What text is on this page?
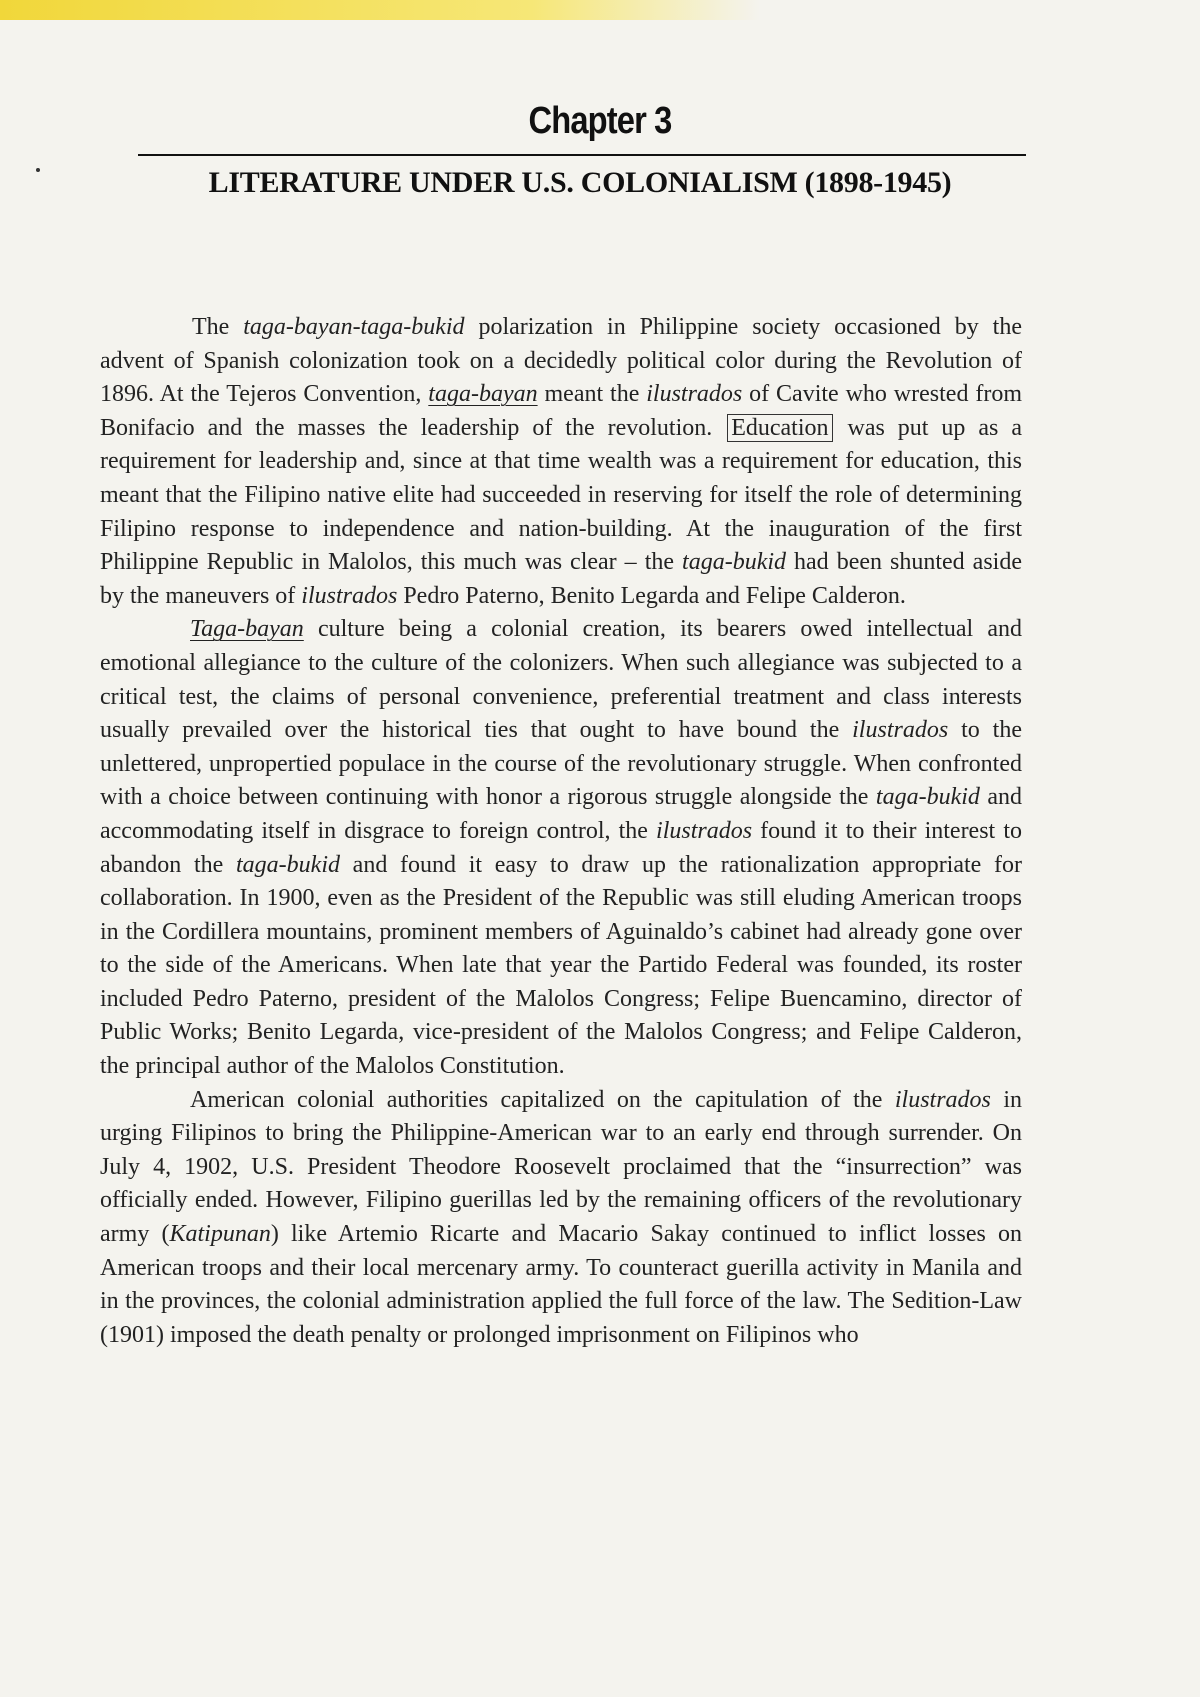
Chapter 3
LITERATURE UNDER U.S. COLONIALISM (1898-1945)

The taga-bayan-taga-bukid polarization in Philippine society occasioned by the advent of Spanish colonization took on a decidedly political color during the Revolution of 1896. At the Tejeros Convention, taga-bayan meant the ilustrados of Cavite who wrested from Bonifacio and the masses the leadership of the revolution. Education was put up as a requirement for leadership and, since at that time wealth was a requirement for education, this meant that the Filipino native elite had succeeded in reserving for itself the role of determining Filipino response to independence and nation-building. At the inauguration of the first Philippine Republic in Malolos, this much was clear – the taga-bukid had been shunted aside by the maneuvers of ilustrados Pedro Paterno, Benito Legarda and Felipe Calderon.

Taga-bayan culture being a colonial creation, its bearers owed intellectual and emotional allegiance to the culture of the colonizers. When such allegiance was subjected to a critical test, the claims of personal convenience, preferential treatment and class interests usually prevailed over the historical ties that ought to have bound the ilustrados to the unlettered, unpropertied populace in the course of the revolutionary struggle. When confronted with a choice between continuing with honor a rigorous struggle alongside the taga-bukid and accommodating itself in disgrace to foreign control, the ilustrados found it to their interest to abandon the taga-bukid and found it easy to draw up the rationalization appropriate for collaboration. In 1900, even as the President of the Republic was still eluding American troops in the Cordillera mountains, prominent members of Aguinaldo’s cabinet had already gone over to the side of the Americans. When late that year the Partido Federal was founded, its roster included Pedro Paterno, president of the Malolos Congress; Felipe Buencamino, director of Public Works; Benito Legarda, vice-president of the Malolos Congress; and Felipe Calderon, the principal author of the Malolos Constitution.

American colonial authorities capitalized on the capitulation of the ilustrados in urging Filipinos to bring the Philippine-American war to an early end through surrender. On July 4, 1902, U.S. President Theodore Roosevelt proclaimed that the “insurrection” was officially ended. However, Filipino guerillas led by the remaining officers of the revolutionary army (Katipunan) like Artemio Ricarte and Macario Sakay continued to inflict losses on American troops and their local mercenary army. To counteract guerilla activity in Manila and in the provinces, the colonial administration applied the full force of the law. The Sedition-Law (1901) imposed the death penalty or prolonged imprisonment on Filipinos who
